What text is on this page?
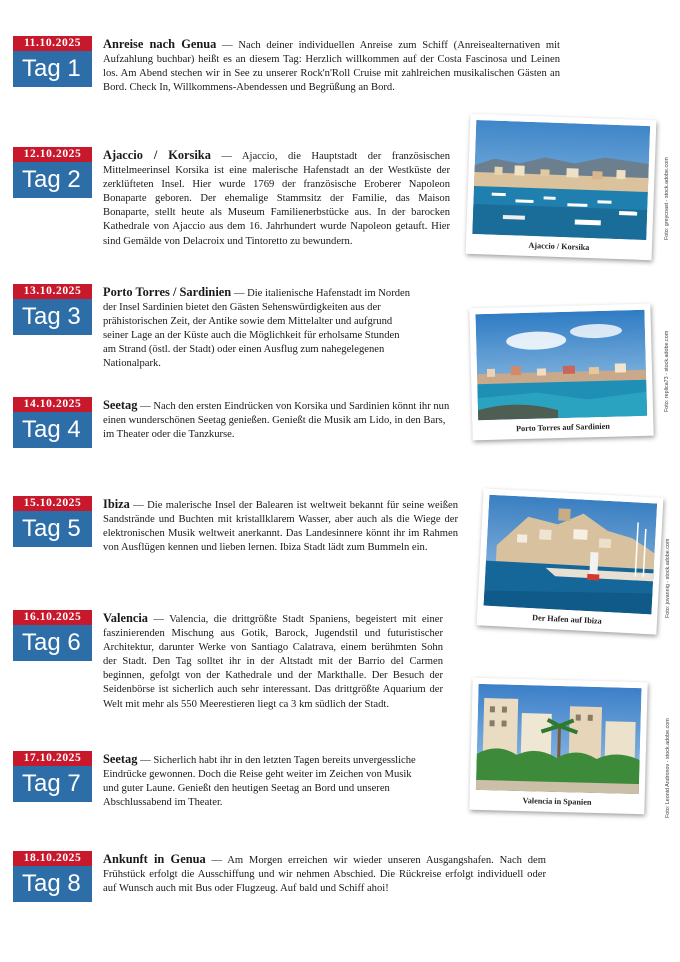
11.10.2025
Tag 1

Anreise nach Genua — Nach deiner individuellen Anreise zum Schiff (Anreisealternativen mit Aufzahlung buchbar) heißt es an diesem Tag: Herzlich willkommen auf der Costa Fascinosa und Leinen los. Am Abend stechen wir in See zu unserer Rock'n'Roll Cruise mit zahlreichen musikalischen Gästen an Bord. Check In, Willkommens-Abendessen und Begrüßung an Bord.

12.10.2025
Tag 2

Ajaccio / Korsika — Ajaccio, die Hauptstadt der französischen Mittelmeerinsel Korsika ist eine malerische Hafenstadt an der Westküste der zerklüfteten Insel. Hier wurde 1769 der französische Eroberer Napoleon Bonaparte geboren. Der ehemalige Stammsitz der Familie, das Maison Bonaparte, stellt heute als Museum Familienerbstücke aus. In der barocken Kathedrale von Ajaccio aus dem 16. Jahrhundert wurde Napoleon getauft. Hier sind Gemälde von Delacroix und Tintoretto zu bewundern.

13.10.2025
Tag 3

Porto Torres / Sardinien — Die italienische Hafenstadt im Norden der Insel Sardinien bietet den Gästen Sehenswürdigkeiten aus der prähistorischen Zeit, der Antike sowie dem Mittelalter und aufgrund seiner Lage an der Küste auch die Möglichkeit für erholsame Stunden am Strand (östl. der Stadt) oder einen Ausflug zum nahegelegenen Nationalpark.

14.10.2025
Tag 4

Seetag — Nach den ersten Eindrücken von Korsika und Sardinien könnt ihr nun einen wunderschönen Seetag genießen. Genießt die Musik am Lido, in den Bars, im Theater oder die Tanzkurse.

15.10.2025
Tag 5

Ibiza — Die malerische Insel der Balearen ist weltweit bekannt für seine weißen Sandstrände und Buchten mit kristallklarem Wasser, aber auch als die Wiege der elektronischen Musik weltweit anerkannt. Das Landesinnere könnt ihr im Rahmen von Ausflügen kennen und lieben lernen. Ibiza Stadt lädt zum Bummeln ein.

16.10.2025
Tag 6

Valencia — Valencia, die drittgrößte Stadt Spaniens, begeistert mit einer faszinierenden Mischung aus Gotik, Barock, Jugendstil und futuristischer Architektur, darunter Werke von Santiago Calatrava, einem berühmten Sohn der Stadt. Den Tag solltet ihr in der Altstadt mit der Barrio del Carmen beginnen, gefolgt von der Kathedrale und der Markthalle. Der Besuch der Seidenbörse ist sicherlich auch sehr interessant. Das drittgrößte Aquarium der Welt mit mehr als 550 Meerestieren liegt ca 3 km südlich der Stadt.

17.10.2025
Tag 7

Seetag — Sicherlich habt ihr in den letzten Tagen bereits unvergessliche Eindrücke gewonnen. Doch die Reise geht weiter im Zeichen von Musik und guter Laune. Genießt den heutigen Seetag an Bord und unseren Abschlussabend im Theater.

18.10.2025
Tag 8

Ankunft in Genua — Am Morgen erreichen wir wieder unseren Ausgangshafen. Nach dem Frühstück erfolgt die Ausschiffung und wir nehmen Abschied. Die Rückreise erfolgt individuell oder auf Wunsch auch mit Bus oder Flugzeug. Auf bald und Schiff ahoi!

Ajaccio / Korsika
Foto: greycoast - stock.adobe.com
Porto Torres auf Sardinien
Foto: replica73 - stock.adobe.com
Der Hafen auf Ibiza
Foto: jovannig - stock.adobe.com
Valencia in Spanien	Foto: Leonid Andronov - stock.adobe.com
